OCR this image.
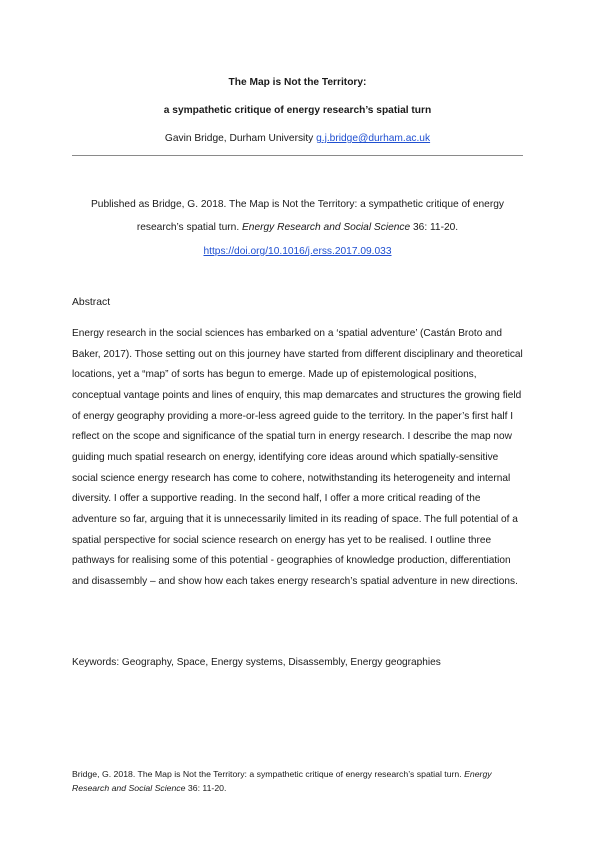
The Map is Not the Territory:
a sympathetic critique of energy research’s spatial turn
Gavin Bridge, Durham University g.j.bridge@durham.ac.uk
Published as Bridge, G. 2018. The Map is Not the Territory: a sympathetic critique of energy research’s spatial turn. Energy Research and Social Science 36: 11-20.
https://doi.org/10.1016/j.erss.2017.09.033
Abstract
Energy research in the social sciences has embarked on a ‘spatial adventure’ (Castán Broto and Baker, 2017). Those setting out on this journey have started from different disciplinary and theoretical locations, yet a “map” of sorts has begun to emerge. Made up of epistemological positions, conceptual vantage points and lines of enquiry, this map demarcates and structures the growing field of energy geography providing a more-or-less agreed guide to the territory. In the paper’s first half I reflect on the scope and significance of the spatial turn in energy research. I describe the map now guiding much spatial research on energy, identifying core ideas around which spatially-sensitive social science energy research has come to cohere, notwithstanding its heterogeneity and internal diversity. I offer a supportive reading. In the second half, I offer a more critical reading of the adventure so far, arguing that it is unnecessarily limited in its reading of space. The full potential of a spatial perspective for social science research on energy has yet to be realised. I outline three pathways for realising some of this potential - geographies of knowledge production, differentiation and disassembly – and show how each takes energy research’s spatial adventure in new directions.
Keywords: Geography, Space, Energy systems, Disassembly, Energy geographies
Bridge, G. 2018. The Map is Not the Territory: a sympathetic critique of energy research’s spatial turn. Energy Research and Social Science 36: 11-20.
